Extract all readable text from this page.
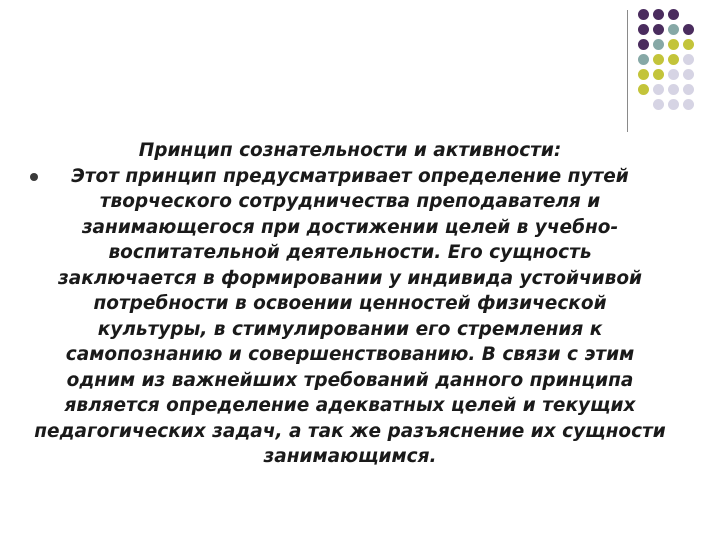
Принцип сознательности и активности:
Этот принцип предусматривает определение путей
творческого сотрудничества преподавателя и
занимающегося при достижении целей в учебно-
воспитательной деятельности. Его сущность
заключается в формировании у индивида устойчивой
потребности в освоении ценностей физической
культуры, в стимулировании его стремления к
самопознанию и совершенствованию. В связи с этим
одним из важнейших требований данного принципа
является определение адекватных целей и текущих
педагогических задач, а так же разъяснение их сущности
занимающимся.
